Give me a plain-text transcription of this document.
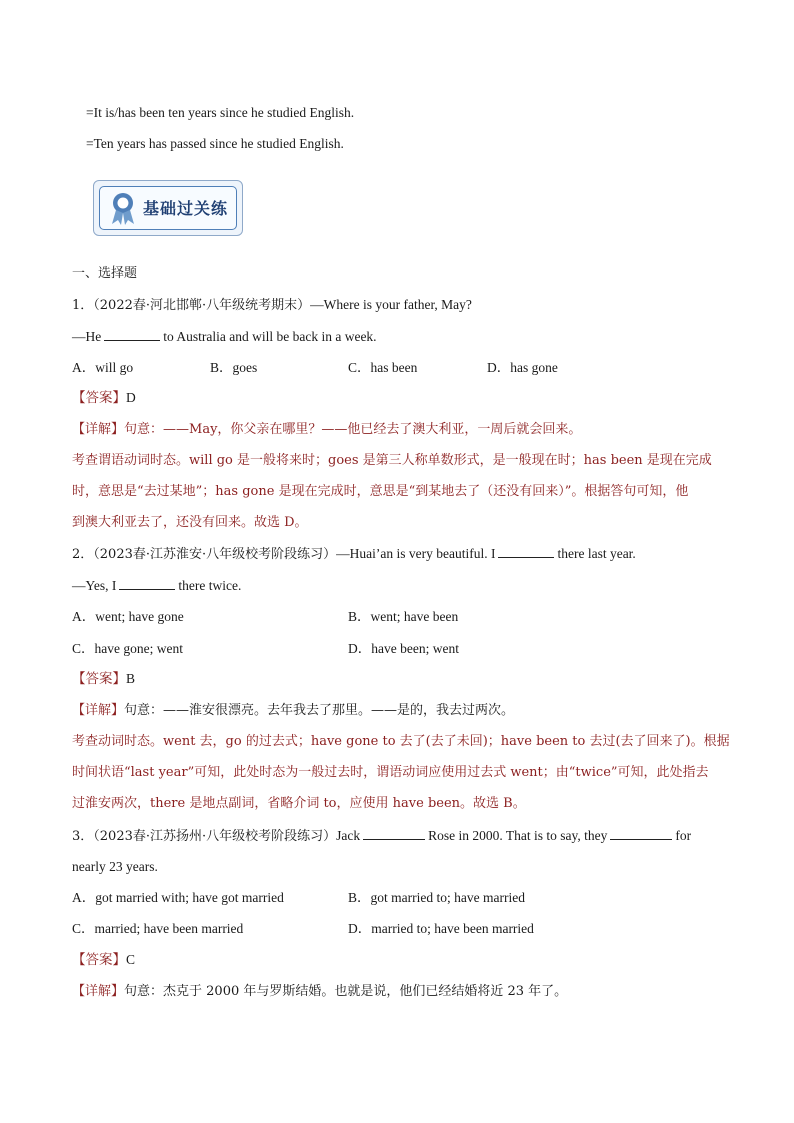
=It is/has been ten years since he studied English.
=Ten years has passed since he studied English.
基础过关练
一、选择题
1．（2022春·河北邯郸·八年级统考期末）—Where is your father, May?
—He	to Australia and will be back in a week.
A．will go	B．goes	C．has been	D．has gone
【答案】D
【详解】句意：——May，你父亲在哪里？——他已经去了澳大利亚，一周后就会回来。
考查谓语动词时态。will go 是一般将来时；goes 是第三人称单数形式，是一般现在时；has been 是现在完成
时，意思是“去过某地”；has gone 是现在完成时，意思是“到某地去了（还没有回来）”。根据答句可知，他
到澳大利亚去了，还没有回来。故选 D。
2．（2023春·江苏淮安·八年级校考阶段练习）—Huai’an is very beautiful. I	there last year.
—Yes, I	there twice.
A．went; have gone	B．went; have been
C．have gone; went	D．have been; went
【答案】B
【详解】句意：——淮安很漂亮。去年我去了那里。——是的，我去过两次。
考查动词时态。went 去，go 的过去式；have gone to 去了(去了未回)；have been to 去过(去了回来了)。根据
时间状语“last year”可知，此处时态为一般过去时，谓语动词应使用过去式 went；由“twice”可知，此处指去
过淮安两次，there 是地点副词，省略介词 to，应使用 have been。故选 B。
3．（2023春·江苏扬州·八年级校考阶段练习）Jack	Rose in 2000. That is to say, they	for
nearly 23 years.
A．got married with; have got married	B．got married to; have married
C．married; have been married	D．married to; have been married
【答案】C
【详解】句意：杰克于 2000 年与罗斯结婚。也就是说，他们已经结婚将近 23 年了。
